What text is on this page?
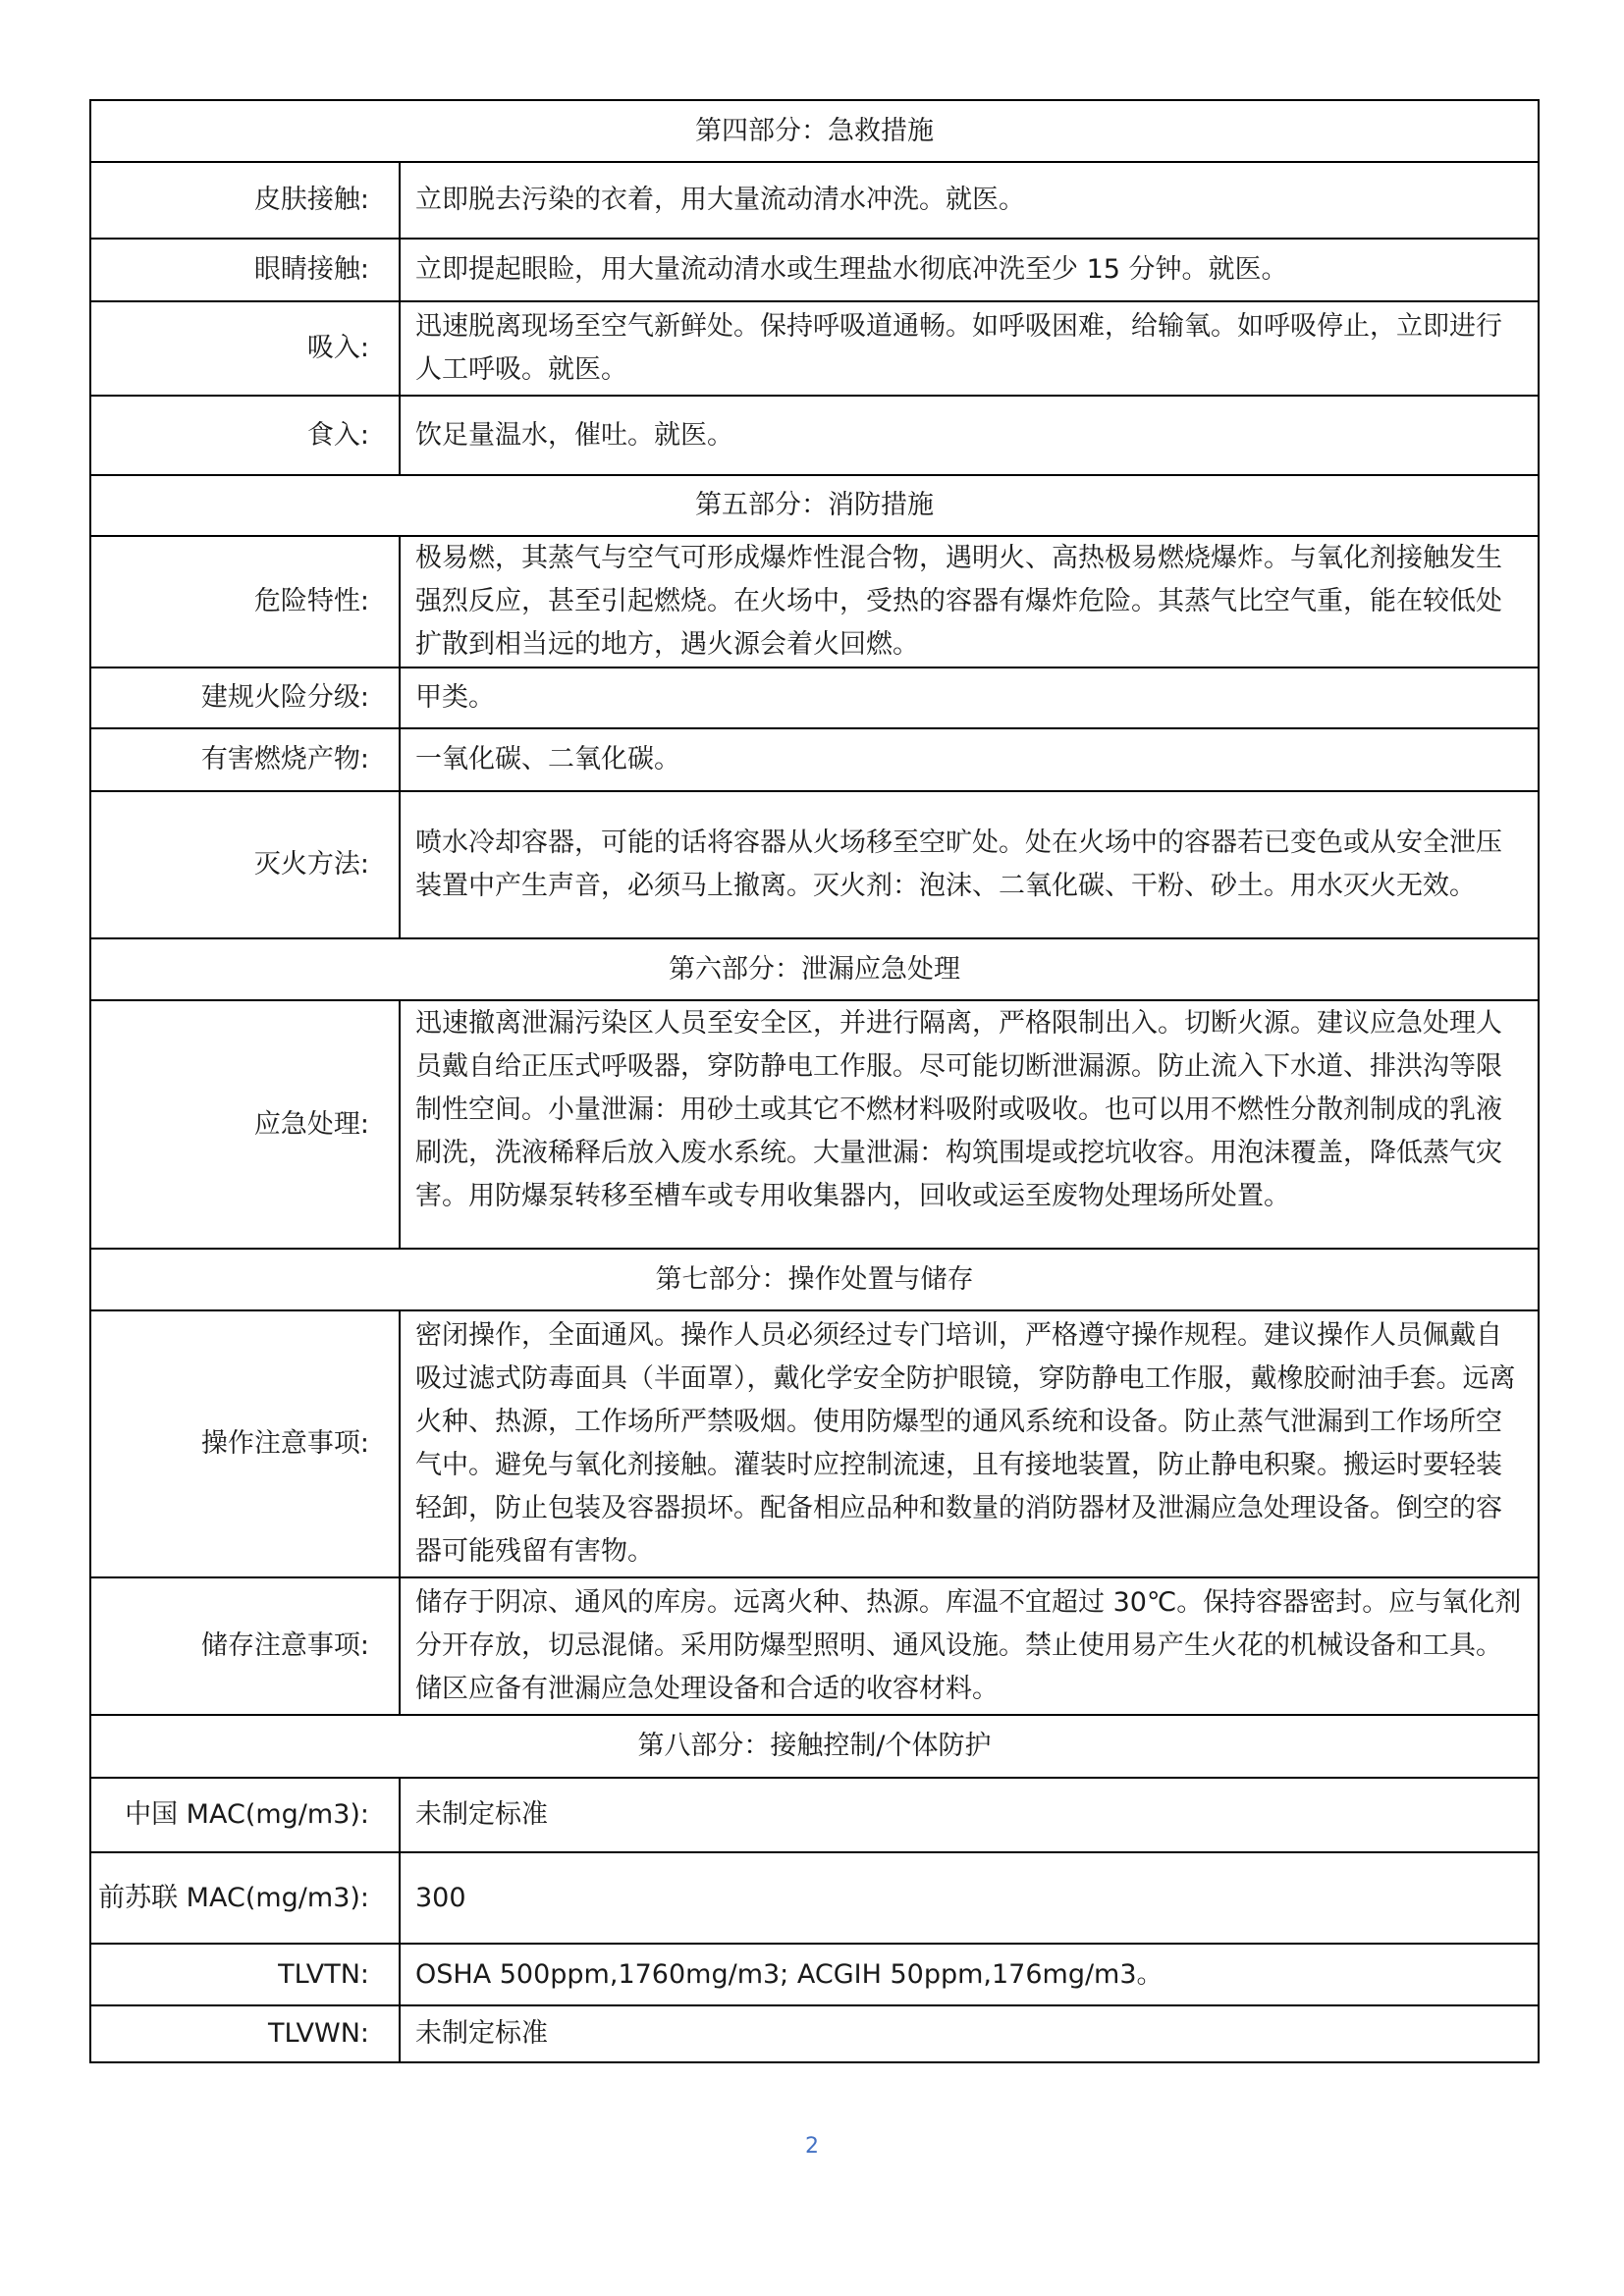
第四部分：急救措施	
皮肤接触:	立即脱去污染的衣着，用大量流动清水冲洗。就医。
眼睛接触:	立即提起眼睑，用大量流动清水或生理盐水彻底冲洗至少 15 分钟。就医。
吸入:	迅速脱离现场至空气新鲜处。保持呼吸道通畅。如呼吸困难，给输氧。如呼吸停止，立即进行人工呼吸。就医。
食入:	饮足量温水，催吐。就医。
第五部分：消防措施	
危险特性:	极易燃，其蒸气与空气可形成爆炸性混合物，遇明火、高热极易燃烧爆炸。与氧化剂接触发生强烈反应，甚至引起燃烧。在火场中，受热的容器有爆炸危险。其蒸气比空气重，能在较低处扩散到相当远的地方，遇火源会着火回燃。
建规火险分级:	甲类。
有害燃烧产物:	一氧化碳、二氧化碳。
灭火方法:	喷水冷却容器，可能的话将容器从火场移至空旷处。处在火场中的容器若已变色或从安全泄压装置中产生声音，必须马上撤离。灭火剂：泡沫、二氧化碳、干粉、砂土。用水灭火无效。
第六部分：泄漏应急处理	
应急处理:	迅速撤离泄漏污染区人员至安全区，并进行隔离，严格限制出入。切断火源。建议应急处理人员戴自给正压式呼吸器，穿防静电工作服。尽可能切断泄漏源。防止流入下水道、排洪沟等限制性空间。小量泄漏：用砂土或其它不燃材料吸附或吸收。也可以用不燃性分散剂制成的乳液刷洗，洗液稀释后放入废水系统。大量泄漏：构筑围堤或挖坑收容。用泡沫覆盖，降低蒸气灾害。用防爆泵转移至槽车或专用收集器内，回收或运至废物处理场所处置。

第七部分：操作处置与储存	
操作注意事项:	密闭操作，全面通风。操作人员必须经过专门培训，严格遵守操作规程。建议操作人员佩戴自吸过滤式防毒面具（半面罩），戴化学安全防护眼镜，穿防静电工作服，戴橡胶耐油手套。远离火种、热源，工作场所严禁吸烟。使用防爆型的通风系统和设备。防止蒸气泄漏到工作场所空气中。避免与氧化剂接触。灌装时应控制流速，且有接地装置，防止静电积聚。搬运时要轻装轻卸，防止包装及容器损坏。配备相应品种和数量的消防器材及泄漏应急处理设备。倒空的容器可能残留有害物。
储存注意事项:	储存于阴凉、通风的库房。远离火种、热源。库温不宜超过 30℃。保持容器密封。应与氧化剂分开存放，切忌混储。采用防爆型照明、通风设施。禁止使用易产生火花的机械设备和工具。储区应备有泄漏应急处理设备和合适的收容材料。
第八部分：接触控制/个体防护	
中国 MAC(mg/m3):	未制定标准
前苏联 MAC(mg/m3):	300
TLVTN:	OSHA 500ppm,1760mg/m3; ACGIH 50ppm,176mg/m3。
TLVWN:	未制定标准
2
